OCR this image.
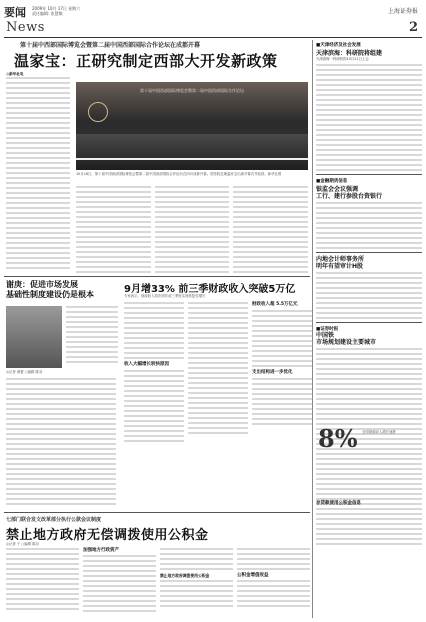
要闻 2009年 10月 17日 星期六
责任编辑: 张慧敏
News
上海证券报
2
第十届中西部国际博览会暨第二届中国西部国际合作论坛在成都开幕
温家宝：正研究制定西部大开发新政策
◎新华社电
第十届中国西部国际博览会暨第二届中国西部国际合作论坛
10月16日，第十届中国西部国际博览会暨第二届中国西部国际合作论坛在四川成都开幕。国务院总理温家宝出席开幕式并致辞。新华社图
■天津经济及社会发展
天津滨海：科研院将组建
天津滨海一科研机构10月21日上会
■金融期货信息
银监会会议强调
工行、建行参股台资银行
内地会计师事务所
明年有望审计H股
■证券时报
中国铁
市场规划建设主要城市
谢庚：促进市场发展
基础性制度建设仍是根本
◎记者 黄蕾 ○编辑 陈羽
9月增33% 前三季财政收入突破5万亿
专家表示，财政收入将在明年前三季度实现恢复性增长
收入大幅增长较快原因
财政收入超 5.5万亿元
支出结构进一步优化
8%	全国财政收入增长速度
七部门联合发文改革部分执行公款会议制度
禁止地方政府无偿调拨使用公积金
◎记者 于 ○编辑 陈羽
加强地方行政资产
禁止地方政府调拨使用公积金	公积金增值收益
存贷款使用公积金信息
